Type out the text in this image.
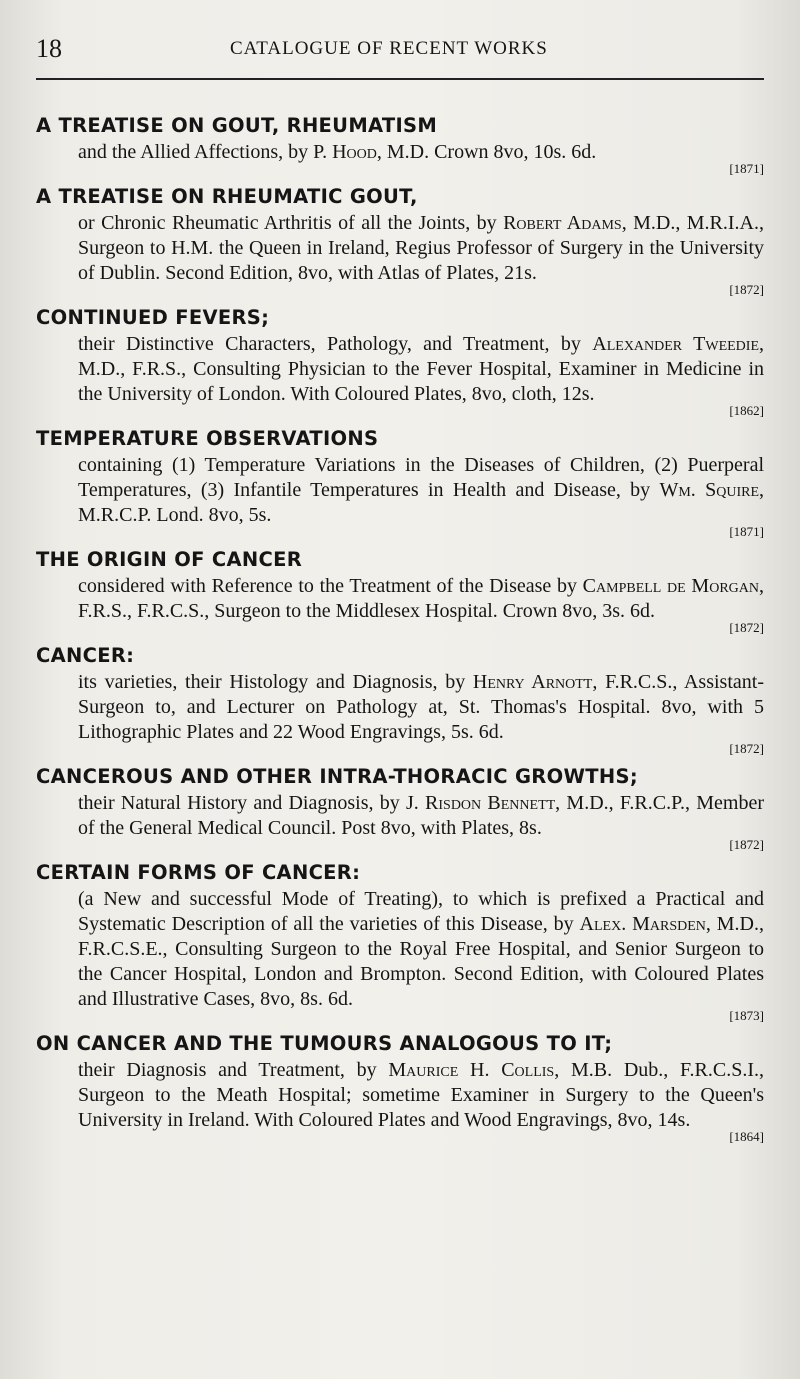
18	CATALOGUE OF RECENT WORKS
A TREATISE ON GOUT, RHEUMATISM

and the Allied Affections, by P. Hood, M.D. Crown 8vo, 10s. 6d.
[1871]

A TREATISE ON RHEUMATIC GOUT,

or Chronic Rheumatic Arthritis of all the Joints, by Robert Adams, M.D., M.R.I.A., Surgeon to H.M. the Queen in Ireland, Regius Professor of Surgery in the University of Dublin. Second Edition, 8vo, with Atlas of Plates, 21s.
[1872]

CONTINUED FEVERS;

their Distinctive Characters, Pathology, and Treatment, by Alexander Tweedie, M.D., F.R.S., Consulting Physician to the Fever Hospital, Examiner in Medicine in the University of London. With Coloured Plates, 8vo, cloth, 12s.
[1862]

TEMPERATURE OBSERVATIONS

containing (1) Temperature Variations in the Diseases of Children, (2) Puerperal Temperatures, (3) Infantile Temperatures in Health and Disease, by Wm. Squire, M.R.C.P. Lond. 8vo, 5s.
[1871]

THE ORIGIN OF CANCER

considered with Reference to the Treatment of the Disease by Campbell de Morgan, F.R.S., F.R.C.S., Surgeon to the Middlesex Hospital. Crown 8vo, 3s. 6d.
[1872]

CANCER:

its varieties, their Histology and Diagnosis, by Henry Arnott, F.R.C.S., Assistant-Surgeon to, and Lecturer on Pathology at, St. Thomas's Hospital. 8vo, with 5 Lithographic Plates and 22 Wood Engravings, 5s. 6d.
[1872]

CANCEROUS AND OTHER INTRA-THORACIC GROWTHS;

their Natural History and Diagnosis, by J. Risdon Bennett, M.D., F.R.C.P., Member of the General Medical Council. Post 8vo, with Plates, 8s.
[1872]

CERTAIN FORMS OF CANCER:

(a New and successful Mode of Treating), to which is prefixed a Practical and Systematic Description of all the varieties of this Disease, by Alex. Marsden, M.D., F.R.C.S.E., Consulting Surgeon to the Royal Free Hospital, and Senior Surgeon to the Cancer Hospital, London and Brompton. Second Edition, with Coloured Plates and Illustrative Cases, 8vo, 8s. 6d.
[1873]

ON CANCER AND THE TUMOURS ANALOGOUS TO IT;

their Diagnosis and Treatment, by Maurice H. Collis, M.B. Dub., F.R.C.S.I., Surgeon to the Meath Hospital; sometime Examiner in Surgery to the Queen's University in Ireland. With Coloured Plates and Wood Engravings, 8vo, 14s.
[1864]
